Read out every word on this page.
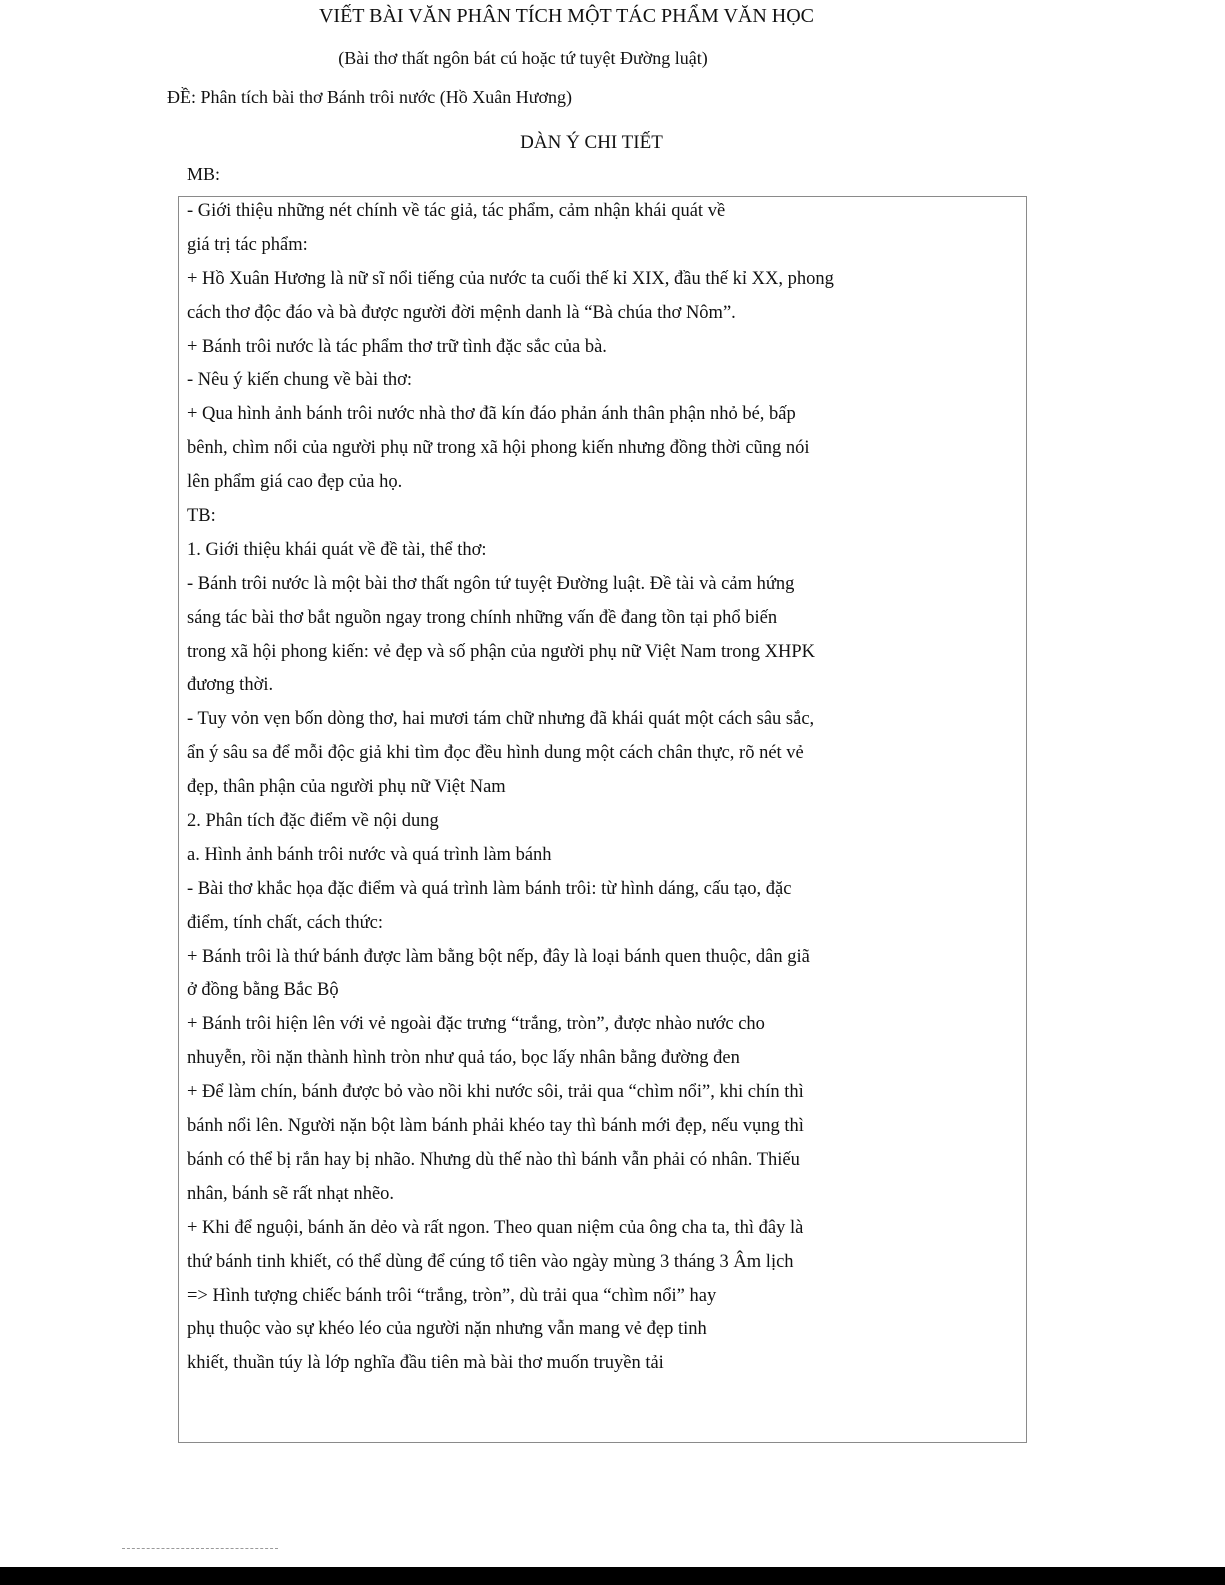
VIẾT BÀI VĂN PHÂN TÍCH MỘT TÁC PHẨM VĂN HỌC
(Bài thơ thất ngôn bát cú hoặc tứ tuyệt Đường luật)
ĐỀ: Phân tích bài thơ Bánh trôi nước (Hồ Xuân Hương)
DÀN Ý CHI TIẾT
MB:
- Giới thiệu những nét chính về tác giả, tác phẩm, cảm nhận khái quát về
giá trị tác phẩm:
+ Hồ Xuân Hương là nữ sĩ nổi tiếng của nước ta cuối thế kỉ XIX, đầu thế kỉ XX, phong
cách thơ độc đáo và bà được người đời mệnh danh là “Bà chúa thơ Nôm”.
+ Bánh trôi nước là tác phẩm thơ trữ tình đặc sắc của bà.
- Nêu ý kiến chung về bài thơ:
+ Qua hình ảnh bánh trôi nước nhà thơ đã kín đáo phản ánh thân phận nhỏ bé, bấp
bênh, chìm nổi của người phụ nữ trong xã hội phong kiến nhưng đồng thời cũng nói
lên phẩm giá cao đẹp của họ.
TB:
1. Giới thiệu khái quát về đề tài, thể thơ:
- Bánh trôi nước là một bài thơ thất ngôn tứ tuyệt Đường luật. Đề tài và cảm hứng
sáng tác bài thơ bắt nguồn ngay trong chính những vấn đề đang tồn tại phổ biến
trong xã hội phong kiến: vẻ đẹp và số phận của người phụ nữ Việt Nam trong XHPK
đương thời.
- Tuy vỏn vẹn bốn dòng thơ, hai mươi tám chữ nhưng đã khái quát một cách sâu sắc,
ẩn ý sâu sa để mỗi độc giả khi tìm đọc đều hình dung một cách chân thực, rõ nét vẻ
đẹp, thân phận của người phụ nữ Việt Nam
2. Phân tích đặc điểm về nội dung
a. Hình ảnh bánh trôi nước và quá trình làm bánh
- Bài thơ khắc họa đặc điểm và quá trình làm bánh trôi: từ hình dáng, cấu tạo, đặc
điểm, tính chất, cách thức:
+ Bánh trôi là thứ bánh được làm bằng bột nếp, đây là loại bánh quen thuộc, dân giã
ở đồng bằng Bắc Bộ
+ Bánh trôi hiện lên với vẻ ngoài đặc trưng “trắng, tròn”, được nhào nước cho
nhuyễn, rồi nặn thành hình tròn như quả táo, bọc lấy nhân bằng đường đen
+ Để làm chín, bánh được bỏ vào nồi khi nước sôi, trải qua “chìm nổi”, khi chín thì
bánh nổi lên. Người nặn bột làm bánh phải khéo tay thì bánh mới đẹp, nếu vụng thì
bánh có thể bị rắn hay bị nhão. Nhưng dù thế nào thì bánh vẫn phải có nhân. Thiếu
nhân, bánh sẽ rất nhạt nhẽo.
+ Khi để nguội, bánh ăn dẻo và rất ngon. Theo quan niệm của ông cha ta, thì đây là
thứ bánh tinh khiết, có thể dùng để cúng tổ tiên vào ngày mùng 3 tháng 3 Âm lịch
=> Hình tượng chiếc bánh trôi “trắng, tròn”, dù trải qua “chìm nổi” hay
phụ thuộc vào sự khéo léo của người nặn nhưng vẫn mang vẻ đẹp tinh
khiết, thuần túy là lớp nghĩa đầu tiên mà bài thơ muốn truyền tải
